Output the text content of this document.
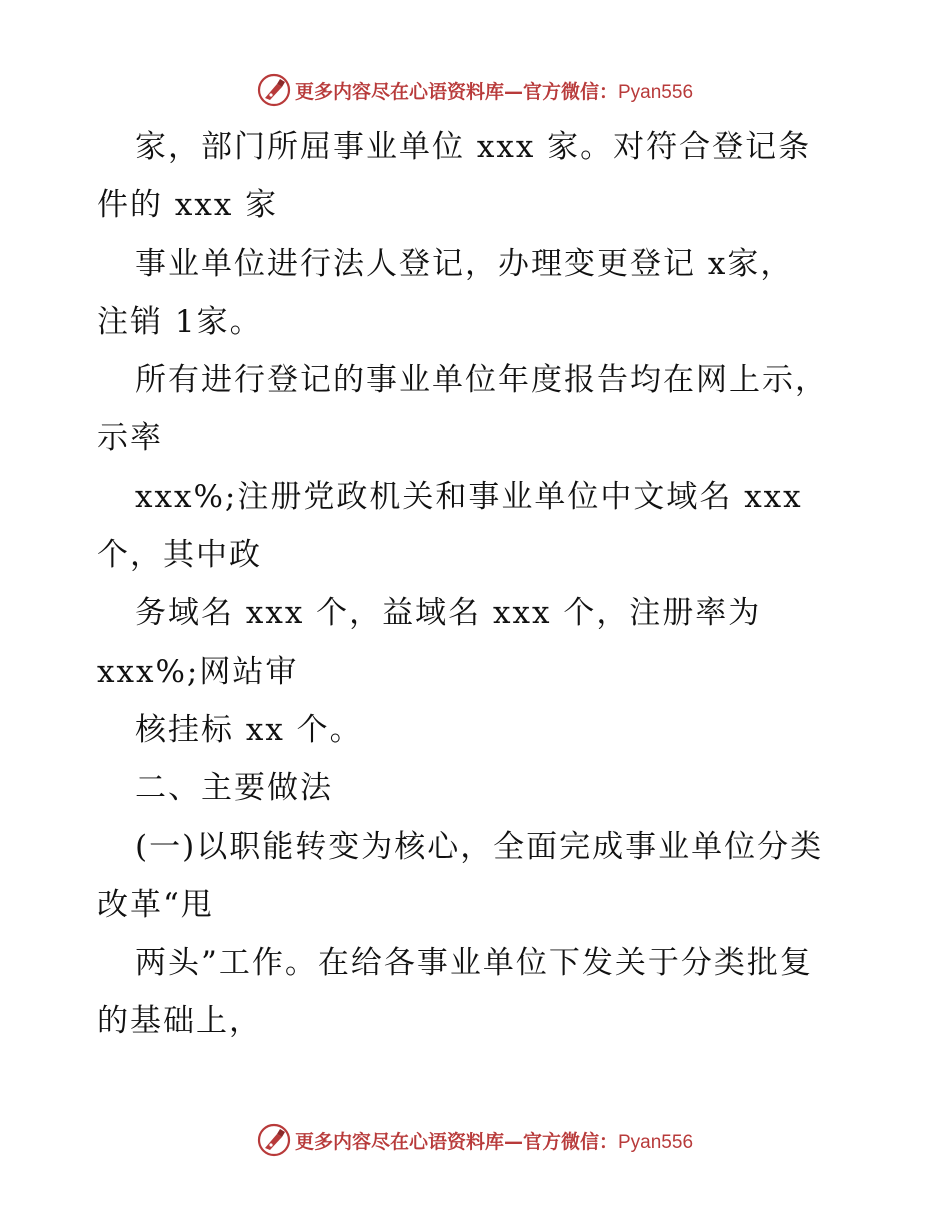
更多内容尽在心语资料库—官方微信：Pyan556
家，部门所屈事业单位 xxx 家。对符合登记条
件的 xxx 家
事业单位进行法人登记，办理变更登记 x家，
注销 1家。
所有进行登记的事业单位年度报告均在网上示，
示率
xxx%;注册党政机关和事业单位中文域名 xxx
个，其中政
务域名 xxx 个，益域名 xxx 个，注册率为
xxx%;网站审
核挂标 xx 个。
二、主要做法
(一)以职能转变为核心，全面完成事业单位分类
改革“甩
两头”工作。在给各事业单位下发关于分类批复
的基础上，
更多内容尽在心语资料库—官方微信：Pyan556
